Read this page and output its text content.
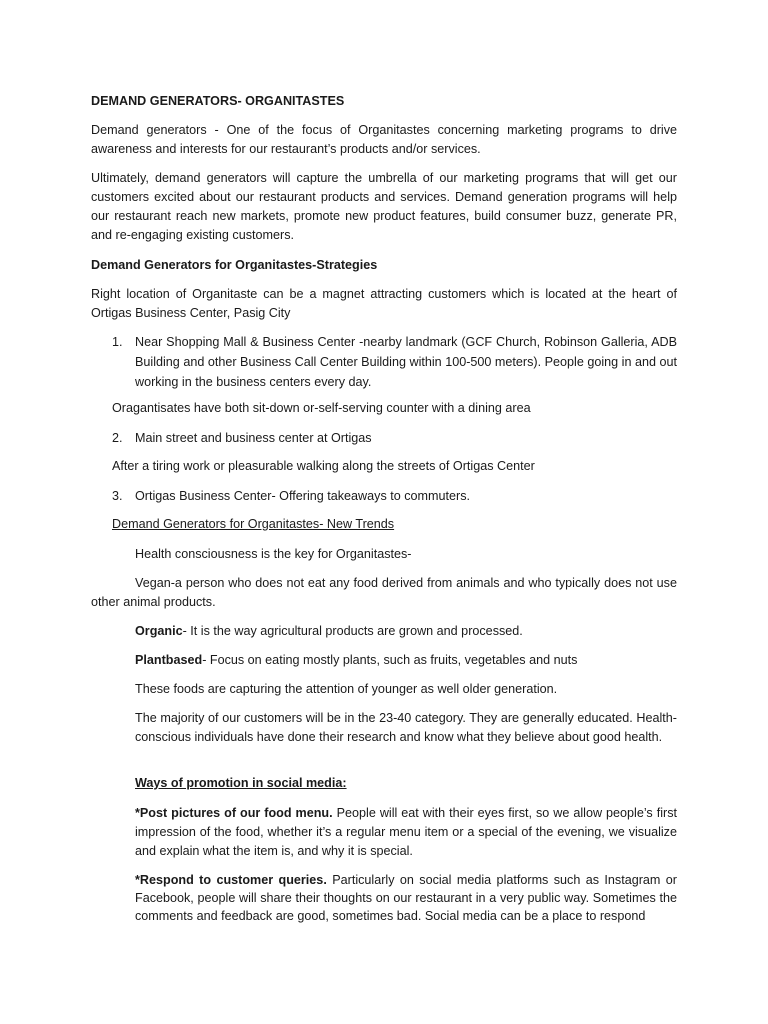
DEMAND GENERATORS- ORGANITASTES

Demand generators - One of the focus of Organitastes concerning marketing programs to drive awareness and interests for our restaurant’s products and/or services.

Ultimately, demand generators will capture the umbrella of our marketing programs that will get our customers excited about our restaurant products and services. Demand generation programs will help our restaurant reach new markets, promote new product features, build consumer buzz, generate PR, and re-engaging existing customers.

Demand Generators for Organitastes-Strategies

Right location of Organitaste can be a magnet attracting customers which is located at the heart of Ortigas Business Center, Pasig City

1. Near Shopping Mall & Business Center -nearby landmark (GCF Church, Robinson Galleria, ADB Building and other Business Call Center Building within 100-500 meters). People going in and out working in the business centers every day.

Oragantisates have both sit-down or-self-serving counter with a dining area

2. Main street and business center at Ortigas

After a tiring work or pleasurable walking along the streets of Ortigas Center

3. Ortigas Business Center- Offering takeaways to commuters.

Demand Generators for Organitastes- New Trends

Health consciousness is the key for Organitastes-

Vegan-a person who does not eat any food derived from animals and who typically does not use other animal products.

Organic- It is the way agricultural products are grown and processed.

Plantbased- Focus on eating mostly plants, such as fruits, vegetables and nuts

These foods are capturing the attention of younger as well older generation.

The majority of our customers will be in the 23-40 category. They are generally educated. Health-conscious individuals have done their research and know what they believe about good health.

Ways of promotion in social media:

*Post pictures of our food menu. People will eat with their eyes first, so we allow people’s first impression of the food, whether it’s a regular menu item or a special of the evening, we visualize and explain what the item is, and why it is special.

*Respond to customer queries. Particularly on social media platforms such as Instagram or Facebook, people will share their thoughts on our restaurant in a very public way. Sometimes the comments and feedback are good, sometimes bad. Social media can be a place to respond
